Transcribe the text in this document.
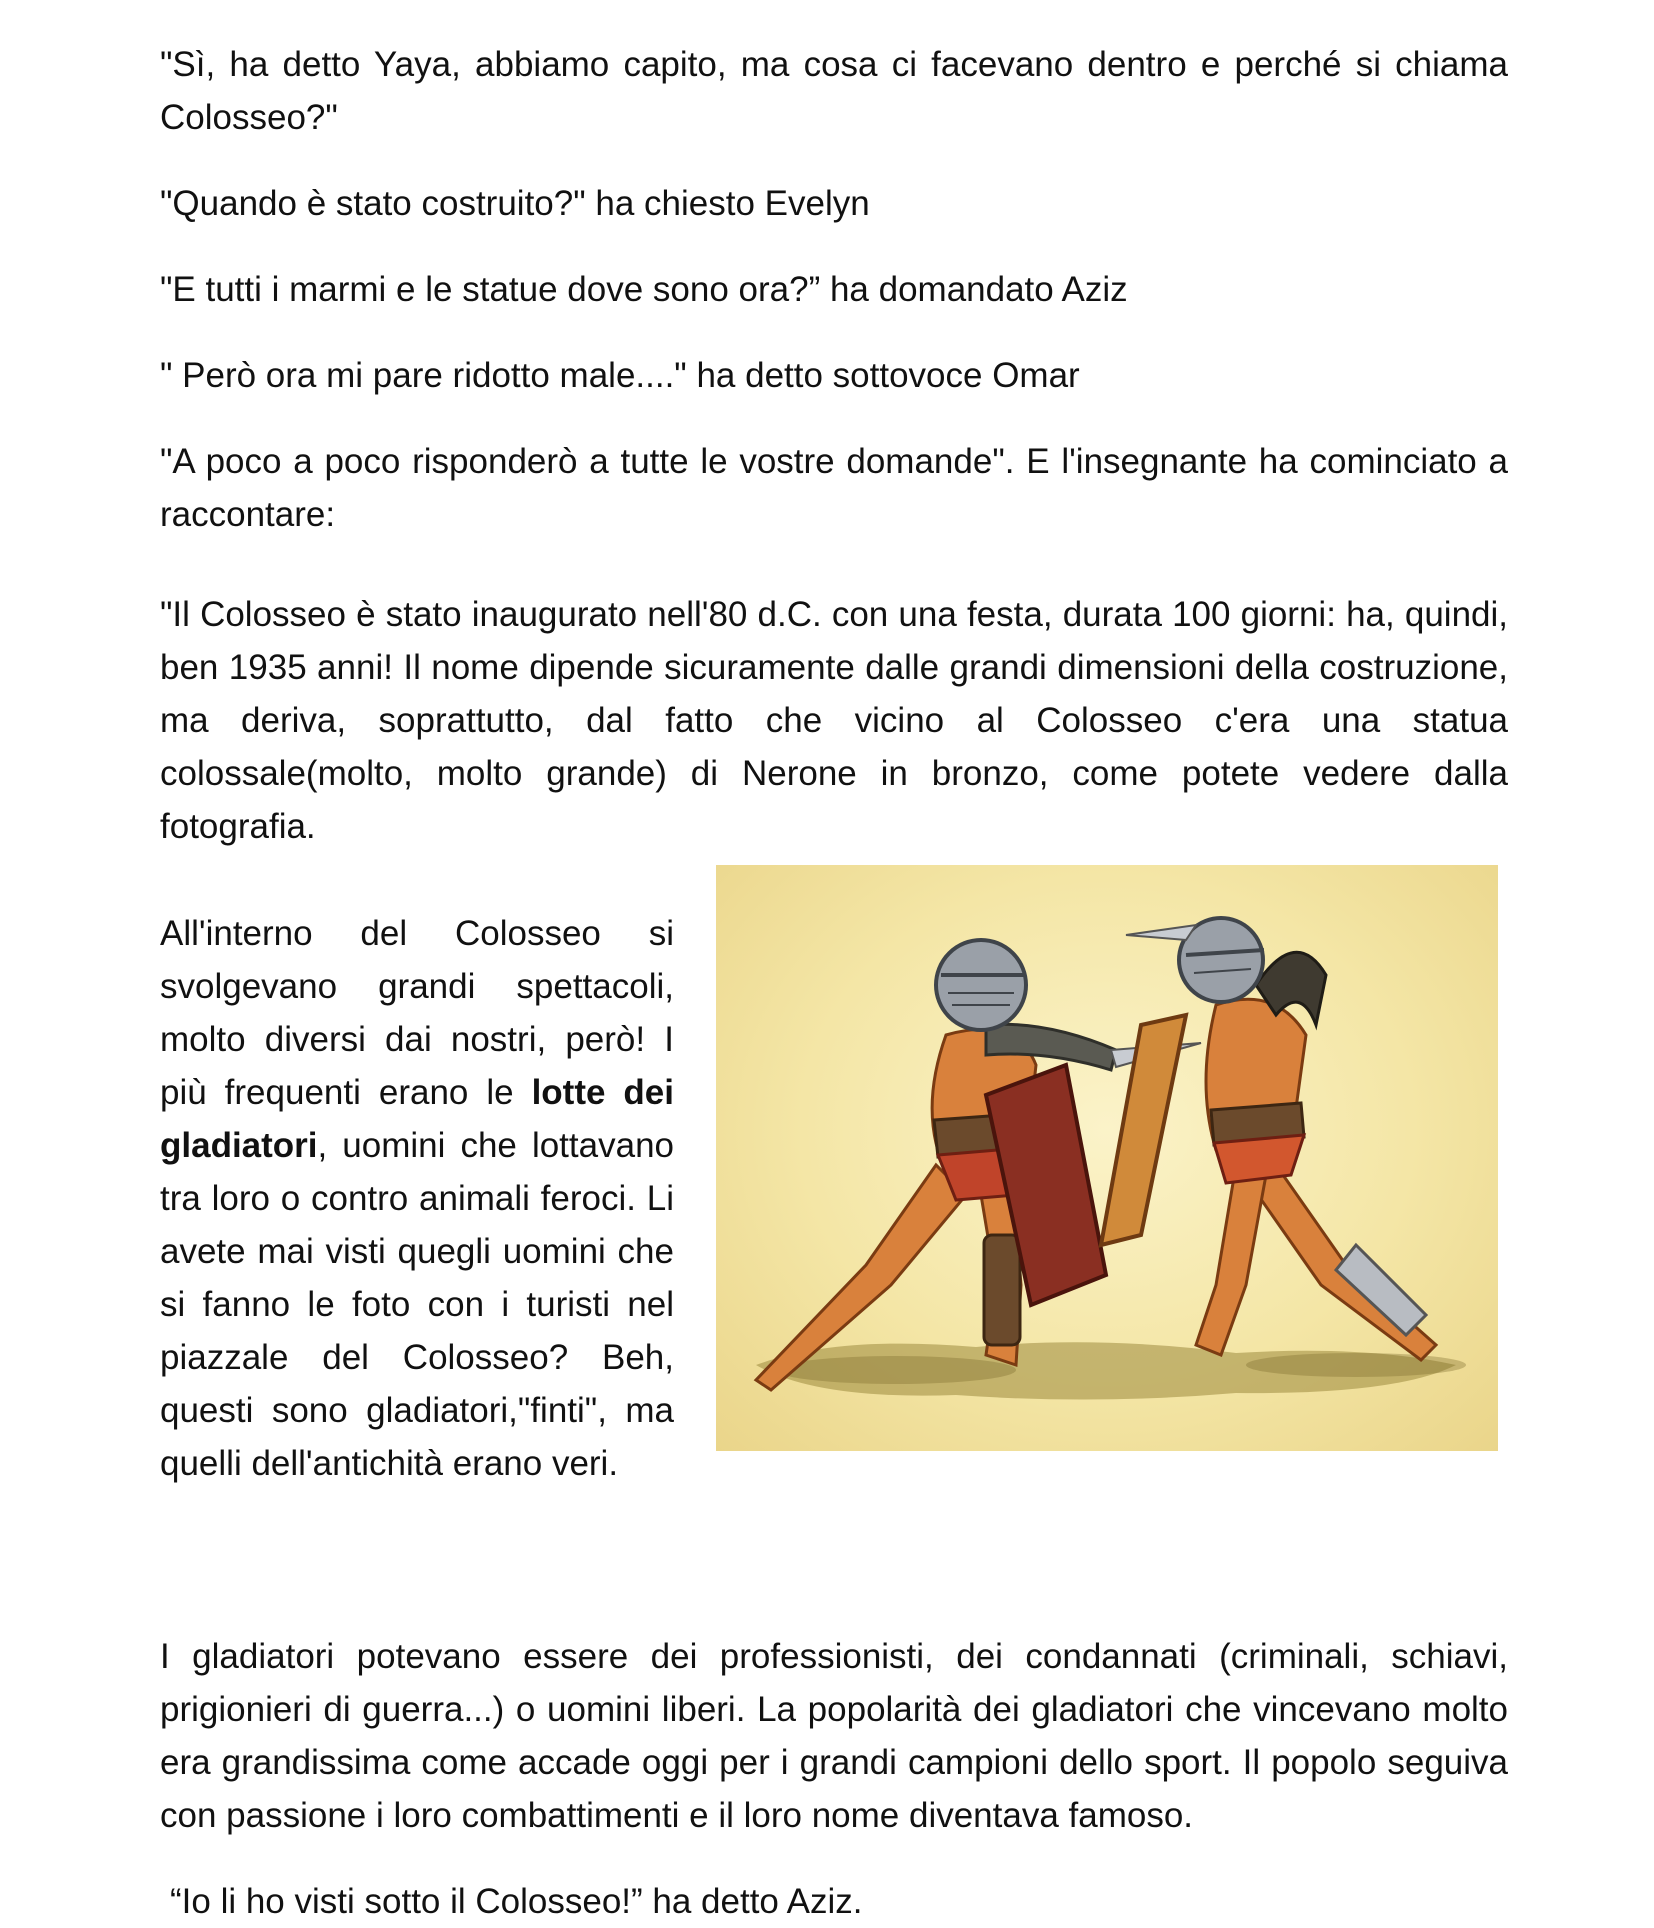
"Sì, ha detto Yaya, abbiamo capito, ma cosa ci facevano dentro e perché si chiama Colosseo?"

"Quando è stato costruito?" ha chiesto Evelyn

"E tutti i marmi e le statue dove sono ora?” ha domandato Aziz

" Però ora mi pare ridotto male...." ha detto sottovoce Omar

"A poco a poco risponderò a tutte le vostre domande". E l'insegnante ha cominciato a raccontare:

"Il Colosseo è stato inaugurato nell'80 d.C. con una festa, durata 100 giorni: ha, quindi, ben 1935 anni! Il nome dipende sicuramente dalle grandi dimensioni della costruzione, ma deriva, soprattutto, dal fatto che vicino al Colosseo c'era una statua colossale(molto, molto grande) di Nerone in bronzo, come potete vedere dalla fotografia.

All'interno del Colosseo si svolgevano grandi spettacoli, molto diversi dai nostri, però! I più frequenti erano le lotte dei gladiatori, uomini che lottavano tra loro o contro animali feroci. Li avete mai visti quegli uomini che si fanno le foto con i turisti nel piazzale del Colosseo? Beh, questi sono gladiatori,"finti", ma quelli dell'antichità erano veri.

I gladiatori potevano essere dei professionisti, dei condannati (criminali, schiavi, prigionieri di guerra...) o uomini liberi. La popolarità dei gladiatori che vincevano molto era grandissima come accade oggi per i grandi campioni dello sport. Il popolo seguiva con passione i loro combattimenti e il loro nome diventava famoso.

“Io li ho visti sotto il Colosseo!” ha detto Aziz.
